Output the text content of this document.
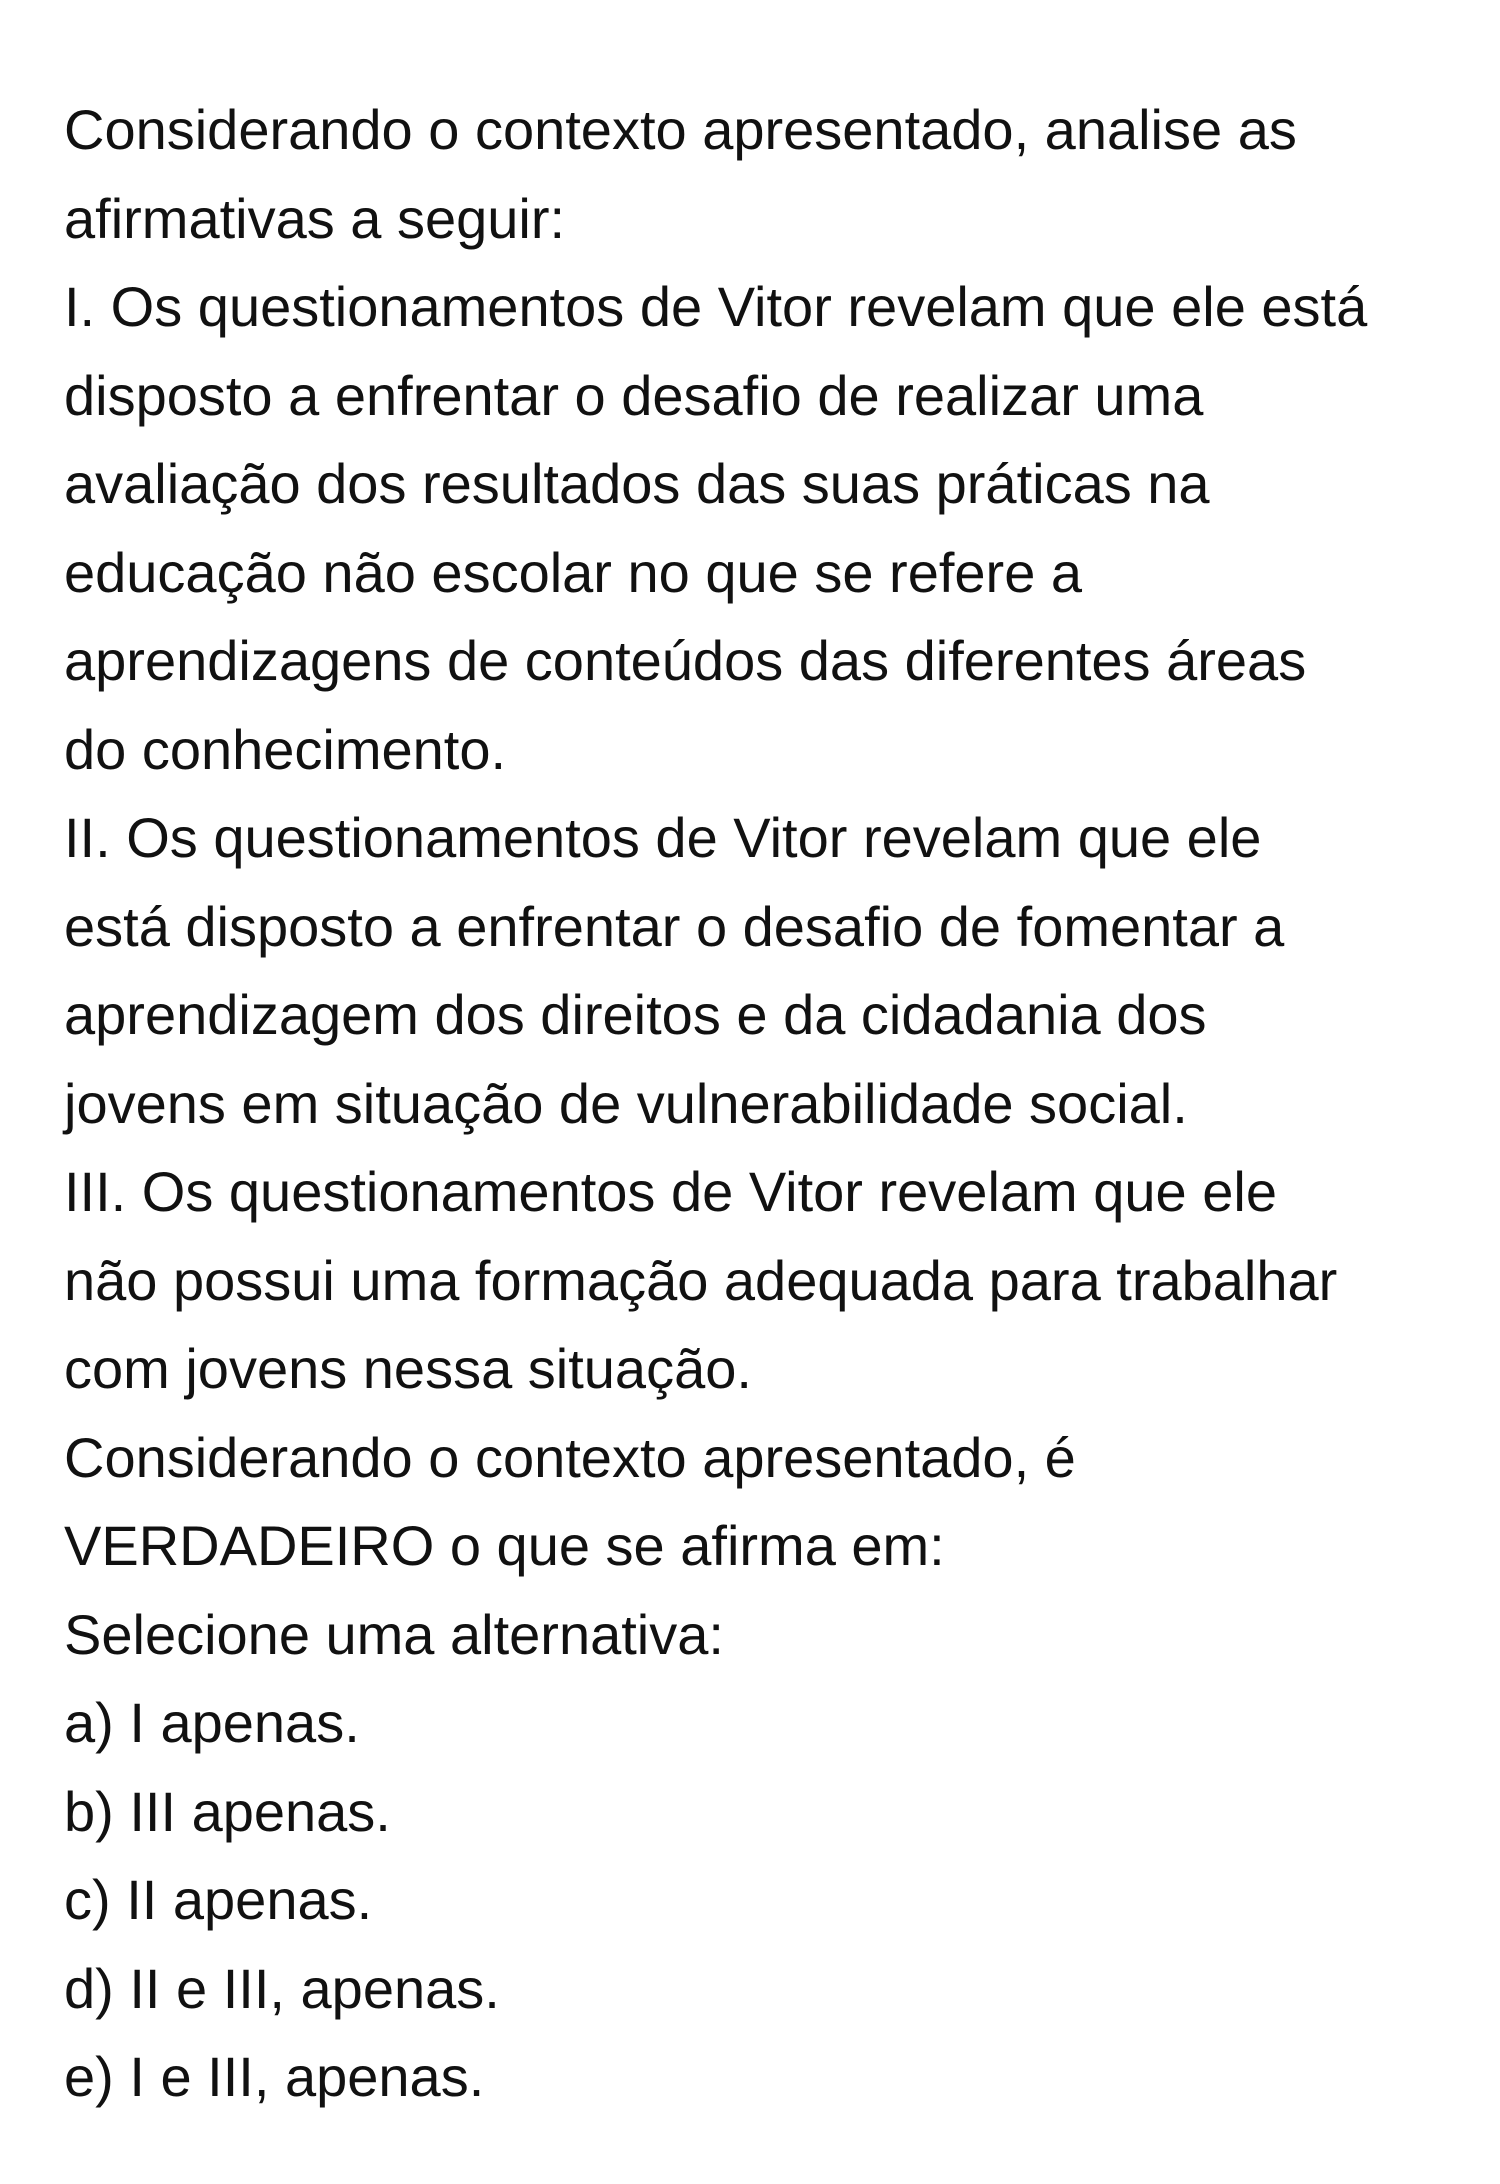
Considerando o contexto apresentado, analise as
afirmativas a seguir:
I. Os questionamentos de Vitor revelam que ele está
disposto a enfrentar o desafio de realizar uma
avaliação dos resultados das suas práticas na
educação não escolar no que se refere a
aprendizagens de conteúdos das diferentes áreas
do conhecimento.
II. Os questionamentos de Vitor revelam que ele
está disposto a enfrentar o desafio de fomentar a
aprendizagem dos direitos e da cidadania dos
jovens em situação de vulnerabilidade social.
III. Os questionamentos de Vitor revelam que ele
não possui uma formação adequada para trabalhar
com jovens nessa situação.
Considerando o contexto apresentado, é
VERDADEIRO o que se afirma em:
Selecione uma alternativa:
a) I apenas.
b) III apenas.
c) II apenas.
d) II e III, apenas.
e) I e III, apenas.
